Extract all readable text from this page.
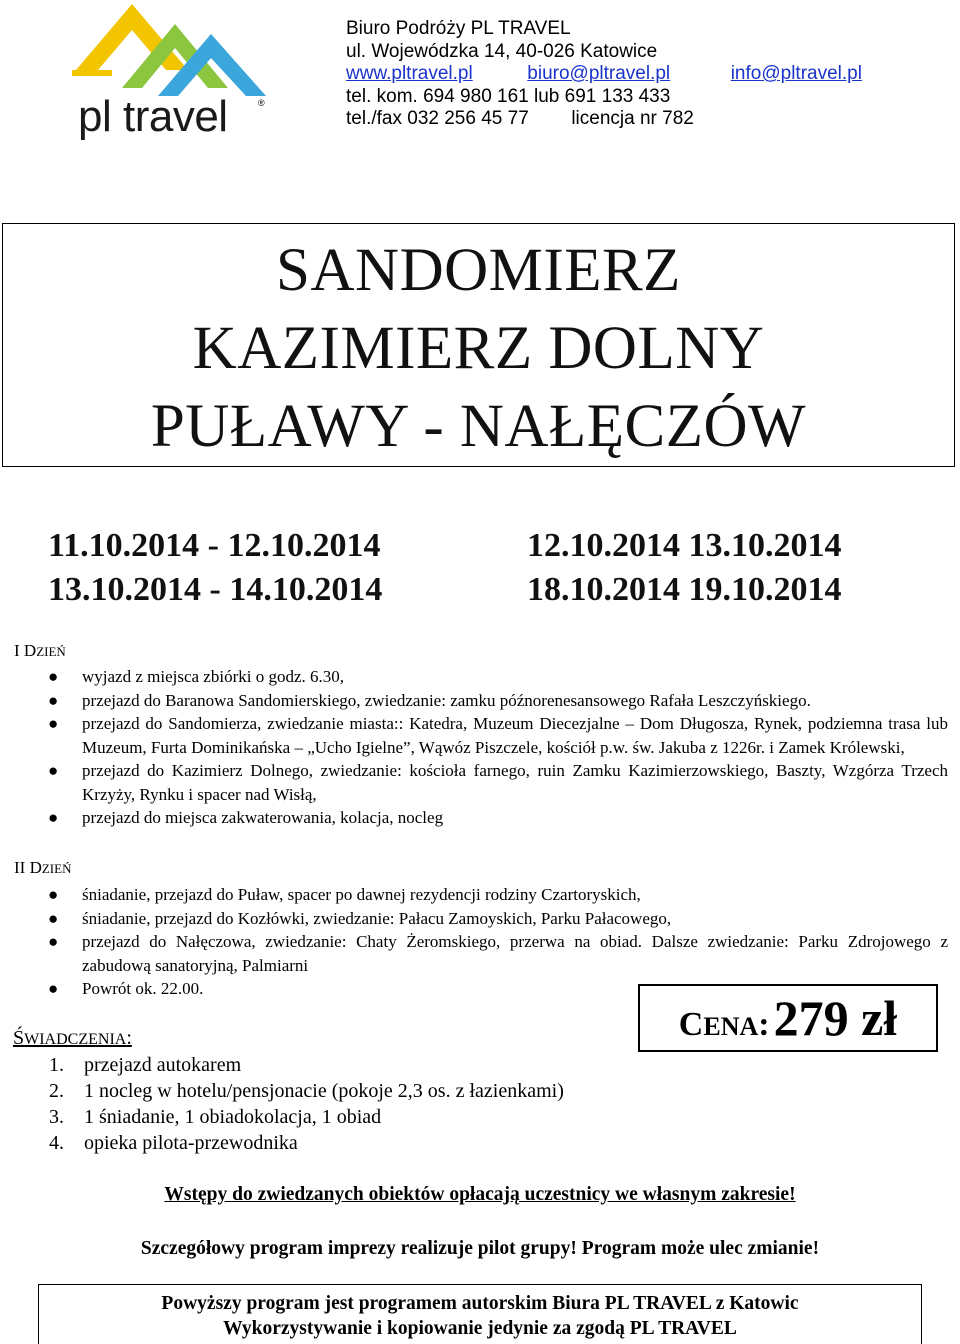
pl travel	®
Biuro Podróży PL TRAVEL
ul. Wojewódzka 14, 40-026 Katowice
www.pltravel.pl	biuro@pltravel.pl	info@pltravel.pl
tel. kom. 694 980 161 lub 691 133 433
tel./fax 032 256 45 77 licencja nr 782
SANDOMIERZ
KAZIMIERZ DOLNY
PUŁAWY - NAŁĘCZÓW
11.10.2014 - 12.10.2014	12.10.2014 13.10.2014
13.10.2014 - 14.10.2014	18.10.2014 19.10.2014
I DZIEŃ
● wyjazd z miejsca zbiórki o godz. 6.30,
● przejazd do Baranowa Sandomierskiego, zwiedzanie: zamku późnorenesansowego Rafała Leszczyńskiego.
● przejazd do Sandomierza, zwiedzanie miasta:: Katedra, Muzeum Diecezjalne – Dom Długosza, Rynek, podziemna trasa lub Muzeum, Furta Dominikańska – „Ucho Igielne”, Wąwóz Piszczele, kościół p.w. św. Jakuba z 1226r. i Zamek Królewski,
● przejazd do Kazimierz Dolnego, zwiedzanie: kościoła farnego, ruin Zamku Kazimierzowskiego, Baszty, Wzgórza Trzech Krzyży, Rynku i spacer nad Wisłą,
● przejazd do miejsca zakwaterowania, kolacja, nocleg
II DZIEŃ
● śniadanie, przejazd do Puław, spacer po dawnej rezydencji rodziny Czartoryskich,
● śniadanie, przejazd do Kozłówki, zwiedzanie: Pałacu Zamoyskich, Parku Pałacowego,
● przejazd do Nałęczowa, zwiedzanie: Chaty Żeromskiego, przerwa na obiad. Dalsze zwiedzanie: Parku Zdrojowego z zabudową sanatoryjną, Palmiarni
● Powrót ok. 22.00.
CENA: 279 zł
ŚWIADCZENIA:
1. przejazd autokarem
2. 1 nocleg w hotelu/pensjonacie (pokoje 2,3 os. z łazienkami)
3. 1 śniadanie, 1 obiadokolacja, 1 obiad
4. opieka pilota-przewodnika
Wstępy do zwiedzanych obiektów opłacają uczestnicy we własnym zakresie!
Szczegółowy program imprezy realizuje pilot grupy! Program może ulec zmianie!
Powyższy program jest programem autorskim Biura PL TRAVEL z Katowic
Wykorzystywanie i kopiowanie jedynie za zgodą PL TRAVEL
